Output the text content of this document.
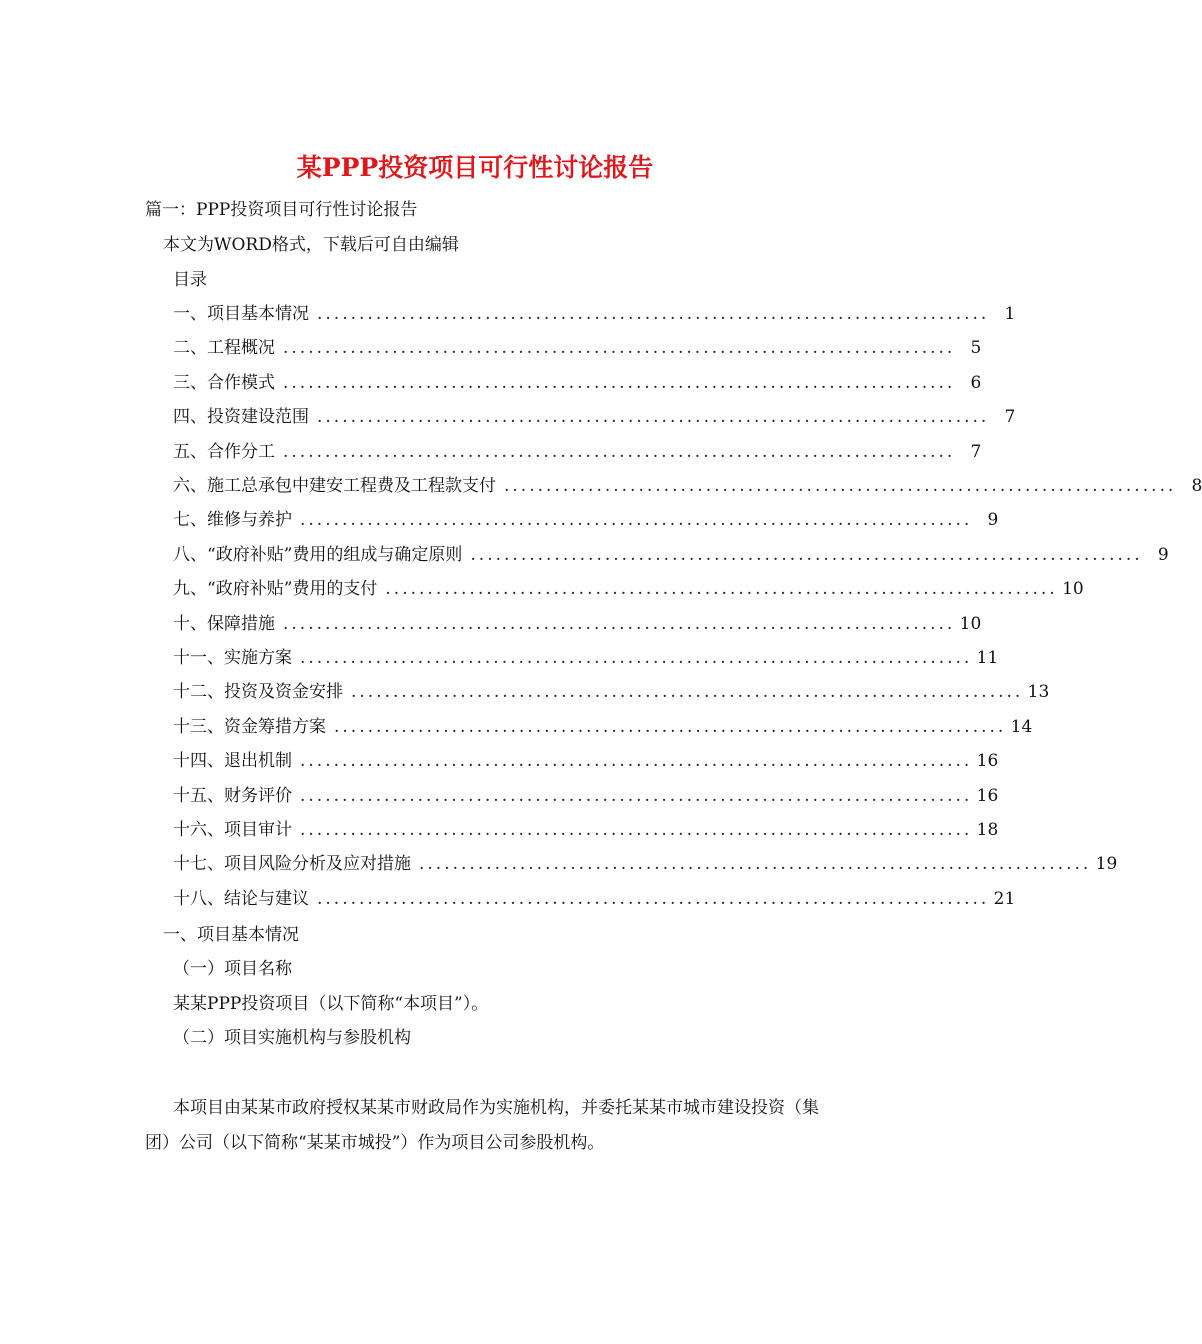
某PPP投资项目可行性讨论报告
篇一：PPP投资项目可行性讨论报告
本文为WORD格式，下载后可自由编辑
目录
一、项目基本情况 ................................................................................ 1
二、工程概况 ................................................................................ 5
三、合作模式 ................................................................................ 6
四、投资建设范围 ................................................................................ 7
五、合作分工 ................................................................................ 7
六、施工总承包中建安工程费及工程款支付 ................................................................................ 8
七、维修与养护 ................................................................................ 9
八、“政府补贴”费用的组成与确定原则 ................................................................................ 9
九、“政府补贴”费用的支付 ................................................................................ 10
十、保障措施 ................................................................................ 10
十一、实施方案 ................................................................................ 11
十二、投资及资金安排 ................................................................................ 13
十三、资金筹措方案 ................................................................................ 14
十四、退出机制 ................................................................................ 16
十五、财务评价 ................................................................................ 16
十六、项目审计 ................................................................................ 18
十七、项目风险分析及应对措施 ................................................................................ 19
十八、结论与建议 ................................................................................ 21
一、项目基本情况
（一）项目名称
某某PPP投资项目（以下简称“本项目”）。
（二）项目实施机构与参股机构
本项目由某某市政府授权某某市财政局作为实施机构，并委托某某市城市建设投资（集团）公司（以下简称“某某市城投”）作为项目公司参股机构。
